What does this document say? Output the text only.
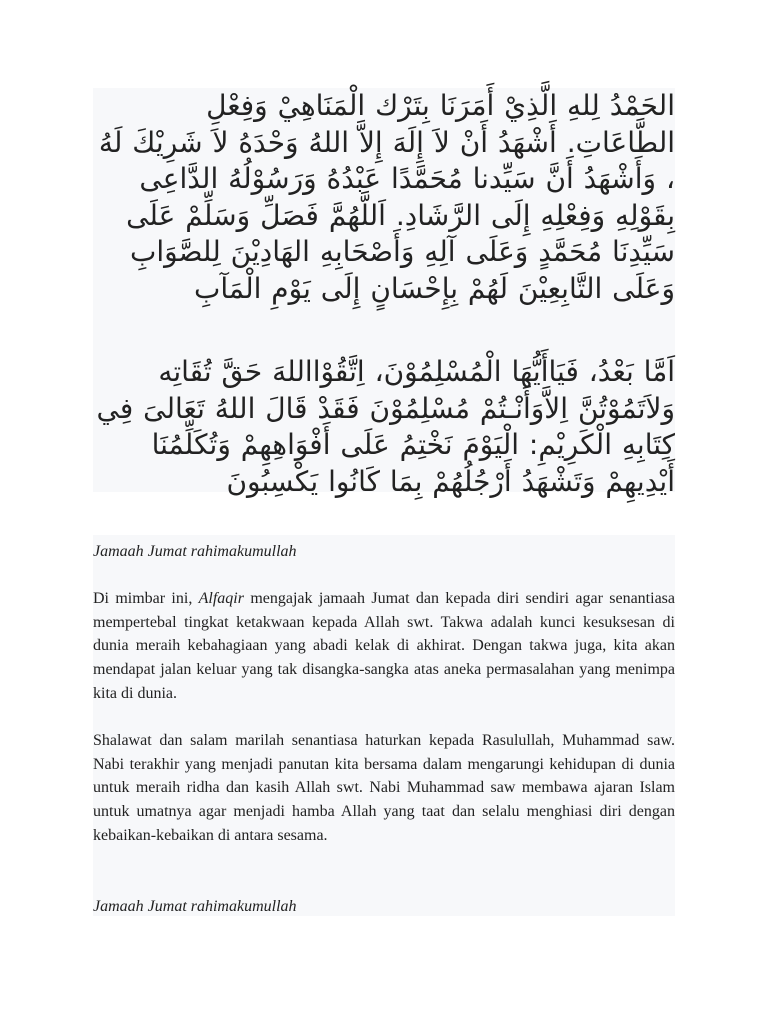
الحَمْدُ لِلهِ الَّذِيْ أَمَرَنَا بِتَرْك الْمَنَاهِيْ وَفِعْلِ الطَّاعَاتِ. أَشْهَدُ أَنْ لاَ إِلَهَ إِلاَّ اللهُ وَحْدَهُ لاَ شَرِيْكَ لَهُ ، وَأَشْهَدُ أَنَّ سَيِّدنا مُحَمَّدًا عَبْدُهُ وَرَسُوْلُهُ الدَّاعِى بِقَوْلِهِ وَفِعْلِهِ إِلَى الرَّشَادِ. اَللَّهُمَّ فَصَلِّ وَسَلِّمْ عَلَى سَيِّدِنَا مُحَمَّدٍ وَعَلَى آلِهِ وَأَصْحَابِهِ الهَادِيْنَ لِلصَّوَابِ وَعَلَى التَّابِعِيْنَ لَهُمْ بِإِحْسَانٍ إِلَى يَوْمِ الْمَآبِ

اَمَّا بَعْدُ، فَيَاأَيُّهَا الْمُسْلِمُوْنَ، اِتَّقُوْااللهَ حَقَّ تُقَاتِه وَلاَتَمُوْتُنَّ اِلاَّوَأَنْـتُمْ مُسْلِمُوْنَ فَقَدْ قَالَ اللهُ تَعَالىَ فِي كِتَابِهِ الْكَرِيْمِ: الْيَوْمَ نَخْتِمُ عَلَى أَفْوَاهِهِمْ وَتُكَلِّمُنَا أَيْدِيهِمْ وَتَشْهَدُ أَرْجُلُهُمْ بِمَا كَانُوا يَكْسِبُونَ

Jamaah Jumat rahimakumullah

Di mimbar ini, Alfaqir mengajak jamaah Jumat dan kepada diri sendiri agar senantiasa mempertebal tingkat ketakwaan kepada Allah swt. Takwa adalah kunci kesuksesan di dunia meraih kebahagiaan yang abadi kelak di akhirat. Dengan takwa juga, kita akan mendapat jalan keluar yang tak disangka-sangka atas aneka permasalahan yang menimpa kita di dunia.

Shalawat dan salam marilah senantiasa haturkan kepada Rasulullah, Muhammad saw. Nabi terakhir yang menjadi panutan kita bersama dalam mengarungi kehidupan di dunia untuk meraih ridha dan kasih Allah swt. Nabi Muhammad saw membawa ajaran Islam untuk umatnya agar menjadi hamba Allah yang taat dan selalu menghiasi diri dengan kebaikan-kebaikan di antara sesama.

Jamaah Jumat rahimakumullah
